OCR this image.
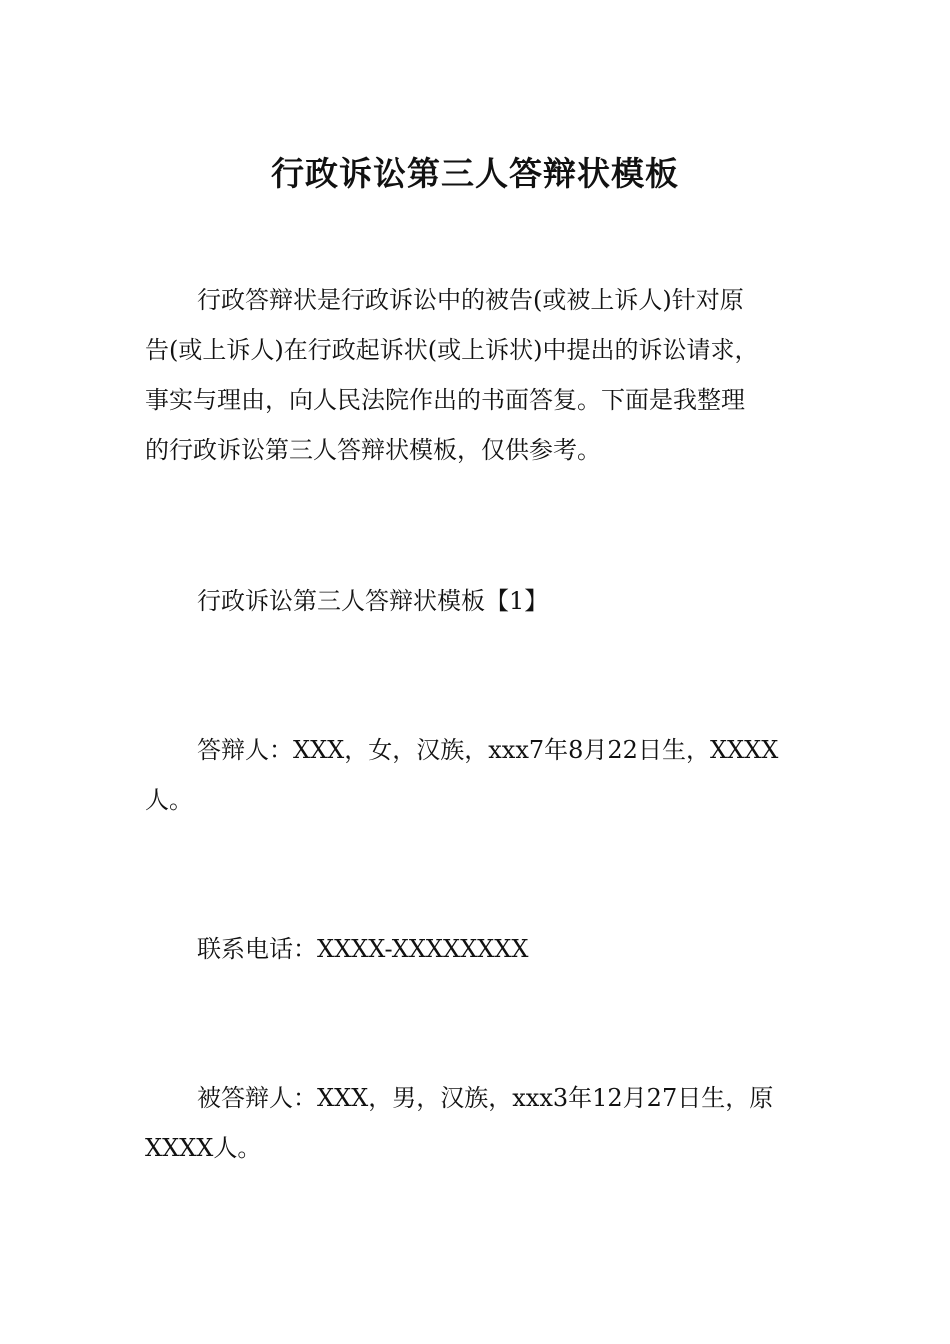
行政诉讼第三人答辩状模板

行政答辩状是行政诉讼中的被告(或被上诉人)针对原
告(或上诉人)在行政起诉状(或上诉状)中提出的诉讼请求，
事实与理由，向人民法院作出的书面答复。下面是我整理
的行政诉讼第三人答辩状模板，仅供参考。

行政诉讼第三人答辩状模板【1】

答辩人：XXX，女，汉族，xxx7年8月22日生，XXXX
人。

联系电话：XXXX-XXXXXXXX

被答辩人：XXX，男，汉族，xxx3年12月27日生，原
XXXX人。
